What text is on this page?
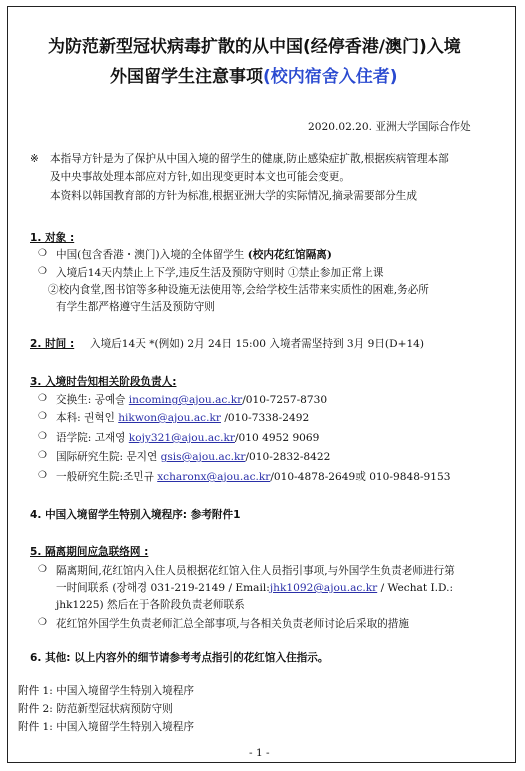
为防范新型冠状病毒扩散的从中国(经停香港/澳门)入境
外国留学生注意事项(校内宿舍入住者)
2020.02.20. 亚洲大学国际合作处
※ 本指导方针是为了保护从中国入境的留学生的健康,防止感染症扩散,根据疾病管理本部
及中央事故处理本部应对方针,如出现变更时本文也可能会变更。
本资料以韩国教育部的方针为标准,根据亚洲大学的实际情况,摘录需要部分生成
1. 对象 :
❍ 中国(包含香港・澳门)入境的全体留学生 (校内花红馆隔离)
❍ 入境后14天内禁止上下学,违反生活及预防守则时 ①禁止参加正常上课
②校内食堂,图书馆等多种设施无法使用等,会给学校生活带来实质性的困难,务必所
有学生都严格遵守生活及预防守则
2. 时间 : 入境后14天 *(例如) 2月 24日 15:00 入境者需坚持到 3月 9日(D+14)
3. 入境时告知相关阶段负责人:
❍ 交换生: 공예슬 incoming@ajou.ac.kr/010-7257-8730
❍ 本科: 권혁인 hikwon@ajou.ac.kr /010-7338-2492
❍ 语学院: 고재영 kojy321@ajou.ac.kr/010 4952 9069
❍ 国际研究生院: 문지연 gsis@ajou.ac.kr/010-2832-8422
❍ 一般研究生院:조민규 xcharonx@ajou.ac.kr/010-4878-2649或 010-9848-9153
4. 中国入境留学生特别入境程序: 参考附件1
5. 隔离期间应急联络网 :
❍ 隔离期间,花红馆内入住人员根据花红馆入住人员指引事项,与外国学生负责老师进行第
一时间联系 (장해경 031-219-2149 / Email:jhk1092@ajou.ac.kr / Wechat I.D.:
jhk1225) 然后在于各阶段负责老师联系
❍ 花红馆外国学生负责老师汇总全部事项,与各相关负责老师讨论后采取的措施
6. 其他: 以上内容外的细节请参考考点指引的花红馆入住指示。
附件 1: 中国入境留学生特别入境程序
附件 2: 防范新型冠状病预防守则
附件 1: 中国入境留学生特别入境程序
- 1 -
